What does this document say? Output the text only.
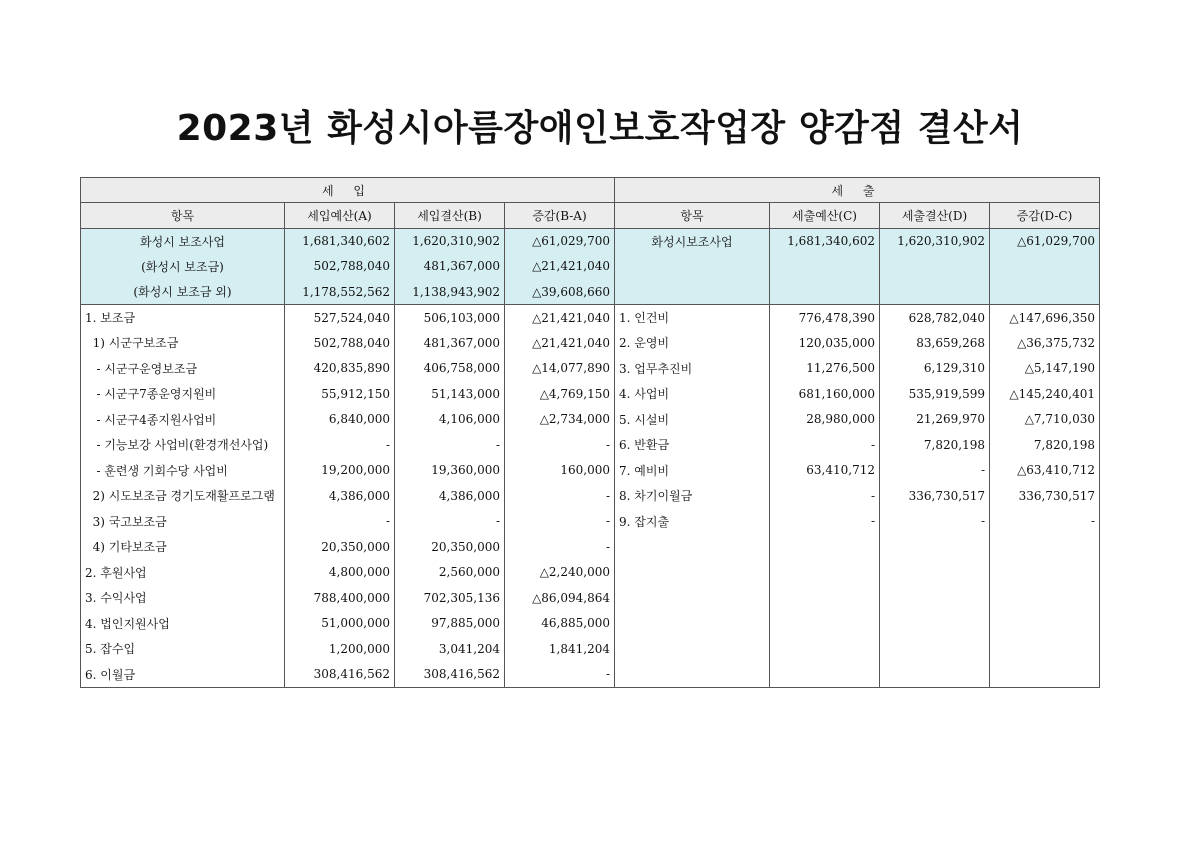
2023년 화성시아름장애인보호작업장 양감점 결산서
세 입				세 출			
항목	세입예산(A)	세입결산(B)	증감(B-A)	항목	세출예산(C)	세출결산(D)	증감(D-C)
화성시 보조사업	1,681,340,602	1,620,310,902	△61,029,700	화성시보조사업	1,681,340,602	1,620,310,902	△61,029,700
(화성시 보조금)	502,788,040	481,367,000	△21,421,040				
(화성시 보조금 외)	1,178,552,562	1,138,943,902	△39,608,660				
1. 보조금	527,524,040	506,103,000	△21,421,040	1. 인건비	776,478,390	628,782,040	△147,696,350
1) 시군구보조금	502,788,040	481,367,000	△21,421,040	2. 운영비	120,035,000	83,659,268	△36,375,732
- 시군구운영보조금	420,835,890	406,758,000	△14,077,890	3. 업무추진비	11,276,500	6,129,310	△5,147,190
- 시군구7종운영지원비	55,912,150	51,143,000	△4,769,150	4. 사업비	681,160,000	535,919,599	△145,240,401
- 시군구4종지원사업비	6,840,000	4,106,000	△2,734,000	5. 시설비	28,980,000	21,269,970	△7,710,030
- 기능보강 사업비(환경개선사업)	-	-	-	6. 반환금	-	7,820,198	7,820,198
- 훈련생 기회수당 사업비	19,200,000	19,360,000	160,000	7. 예비비	63,410,712	-	△63,410,712
2) 시도보조금 경기도재활프로그램	4,386,000	4,386,000	-	8. 차기이월금	-	336,730,517	336,730,517
3) 국고보조금	-	-	-	9. 잡지출	-	-	-
4) 기타보조금	20,350,000	20,350,000	-				
2. 후원사업	4,800,000	2,560,000	△2,240,000				
3. 수익사업	788,400,000	702,305,136	△86,094,864				
4. 법인지원사업	51,000,000	97,885,000	46,885,000				
5. 잡수입	1,200,000	3,041,204	1,841,204				
6. 이월금	308,416,562	308,416,562	-				
